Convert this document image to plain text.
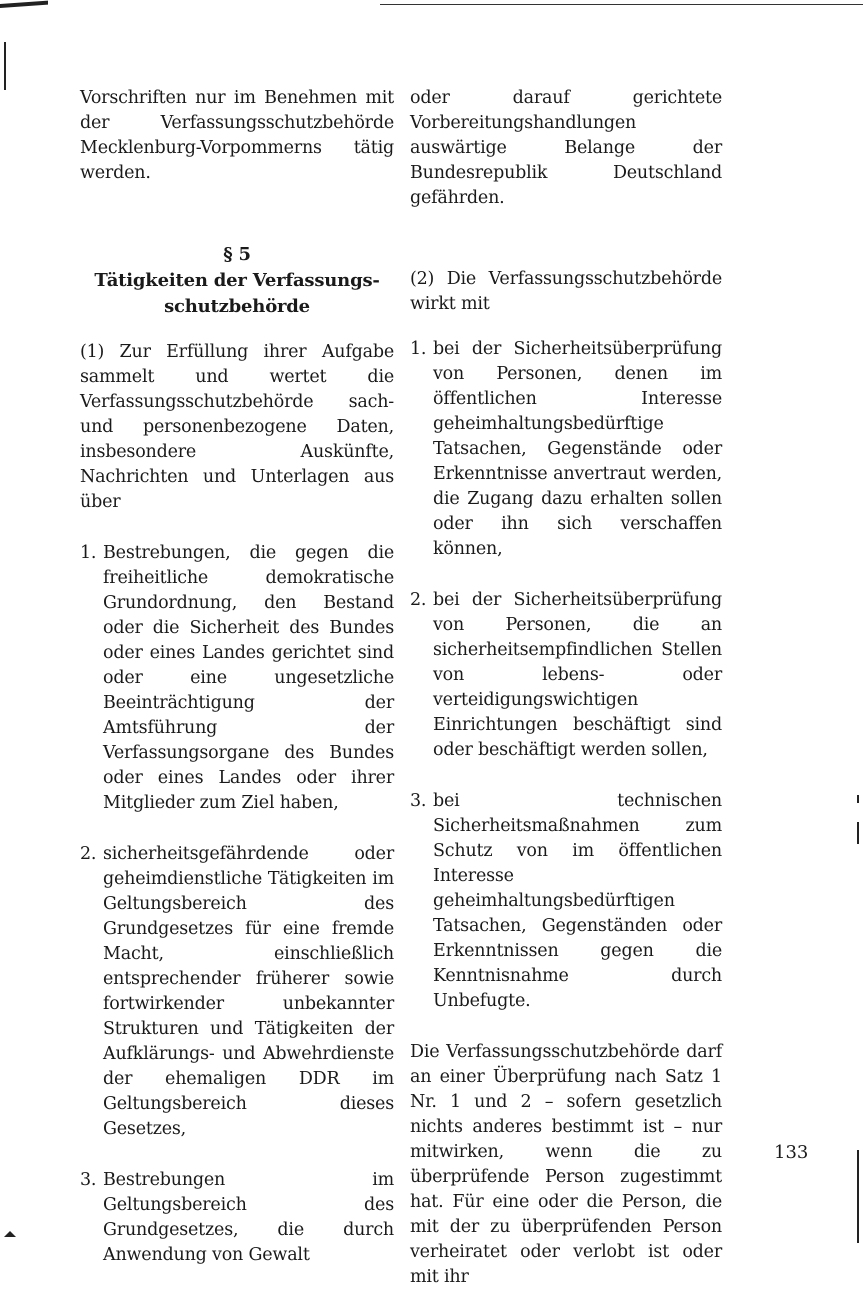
Vorschriften nur im Benehmen mit der Verfassungsschutzbehörde Mecklenburg-Vorpommerns tätig werden.

§ 5
Tätigkeiten der Verfassungs-schutzbehörde

(1) Zur Erfüllung ihrer Aufgabe sammelt und wertet die Verfassungsschutzbehörde sach- und personenbezogene Daten, insbesondere Auskünfte, Nachrichten und Unterlagen aus über

1. Bestrebungen, die gegen die freiheitliche demokratische Grundordnung, den Bestand oder die Sicherheit des Bundes oder eines Landes gerichtet sind oder eine ungesetzliche Beeinträchtigung der Amtsführung der Verfassungsorgane des Bundes oder eines Landes oder ihrer Mitglieder zum Ziel haben,
2. sicherheitsgefährdende oder geheimdienstliche Tätigkeiten im Geltungsbereich des Grundgesetzes für eine fremde Macht, einschließlich entsprechender früherer sowie fortwirkender unbekannter Strukturen und Tätigkeiten der Aufklärungs- und Abwehrdienste der ehemaligen DDR im Geltungsbereich dieses Gesetzes,
3. Bestrebungen im Geltungsbereich des Grundgesetzes, die durch Anwendung von Gewalt

oder darauf gerichtete Vorbereitungshandlungen auswärtige Belange der Bundesrepublik Deutschland gefährden.

(2) Die Verfassungsschutzbehörde wirkt mit

1. bei der Sicherheitsüberprüfung von Personen, denen im öffentlichen Interesse geheimhaltungsbedürftige Tatsachen, Gegenstände oder Erkenntnisse anvertraut werden, die Zugang dazu erhalten sollen oder ihn sich verschaffen können,
2. bei der Sicherheitsüberprüfung von Personen, die an sicherheitsempfindlichen Stellen von lebens- oder verteidigungswichtigen Einrichtungen beschäftigt sind oder beschäftigt werden sollen,
3. bei technischen Sicherheitsmaßnahmen zum Schutz von im öffentlichen Interesse geheimhaltungsbedürftigen Tatsachen, Gegenständen oder Erkenntnissen gegen die Kenntnisnahme durch Unbefugte.

Die Verfassungsschutzbehörde darf an einer Überprüfung nach Satz 1 Nr. 1 und 2 – sofern gesetzlich nichts anderes bestimmt ist – nur mitwirken, wenn die zu überprüfende Person zugestimmt hat. Für eine oder die Person, die mit der zu überprüfenden Person verheiratet oder verlobt ist oder mit ihr

133
